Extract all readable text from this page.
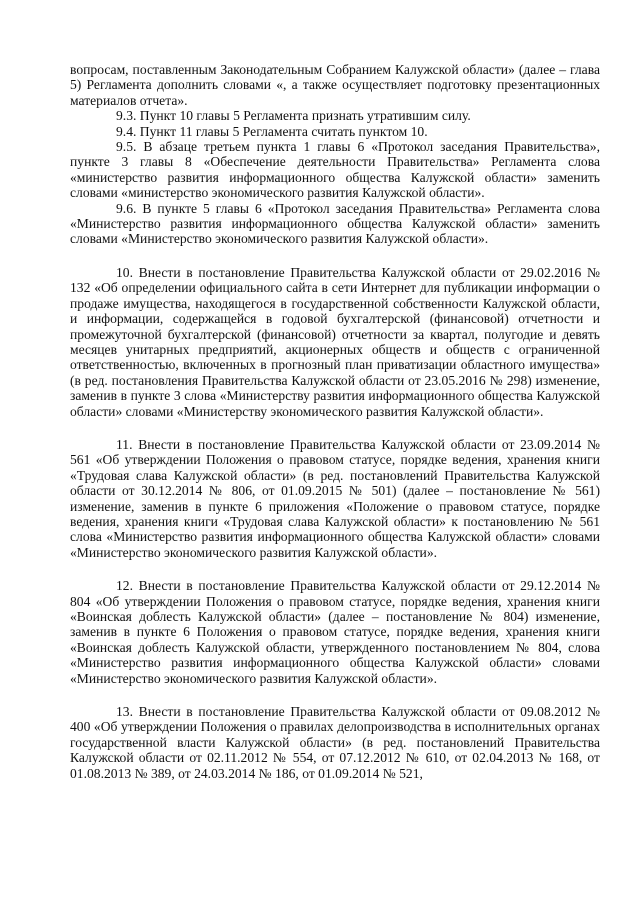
вопросам, поставленным Законодательным Собранием Калужской области» (далее – глава 5) Регламента дополнить словами «, а также осуществляет подготовку презентационных материалов отчета».

9.3. Пункт 10 главы 5 Регламента признать утратившим силу.

9.4. Пункт 11 главы 5 Регламента считать пунктом 10.

9.5. В абзаце третьем пункта 1 главы 6 «Протокол заседания Правительства», пункте 3 главы 8 «Обеспечение деятельности Правительства» Регламента слова «министерство развития информационного общества Калужской области» заменить словами «министерство экономического развития Калужской области».

9.6. В пункте 5 главы 6 «Протокол заседания Правительства» Регламента слова «Министерство развития информационного общества Калужской области» заменить словами «Министерство экономического развития Калужской области».

10. Внести в постановление Правительства Калужской области от 29.02.2016 № 132 «Об определении официального сайта в сети Интернет для публикации информации о продаже имущества, находящегося в государственной собственности Калужской области, и информации, содержащейся в годовой бухгалтерской (финансовой) отчетности и промежуточной бухгалтерской (финансовой) отчетности за квартал, полугодие и девять месяцев унитарных предприятий, акционерных обществ и обществ с ограниченной ответственностью, включенных в прогнозный план приватизации областного имущества» (в ред. постановления Правительства Калужской области от 23.05.2016 № 298) изменение, заменив в пункте 3 слова «Министерству развития информационного общества Калужской области» словами «Министерству экономического развития Калужской области».

11. Внести в постановление Правительства Калужской области от 23.09.2014 № 561 «Об утверждении Положения о правовом статусе, порядке ведения, хранения книги «Трудовая слава Калужской области» (в ред. постановлений Правительства Калужской области от 30.12.2014 № 806, от 01.09.2015 № 501) (далее – постановление № 561) изменение, заменив в пункте 6 приложения «Положение о правовом статусе, порядке ведения, хранения книги «Трудовая слава Калужской области» к постановлению № 561 слова «Министерство развития информационного общества Калужской области» словами «Министерство экономического развития Калужской области».

12. Внести в постановление Правительства Калужской области от 29.12.2014 № 804 «Об утверждении Положения о правовом статусе, порядке ведения, хранения книги «Воинская доблесть Калужской области» (далее – постановление № 804) изменение, заменив в пункте 6 Положения о правовом статусе, порядке ведения, хранения книги «Воинская доблесть Калужской области, утвержденного постановлением № 804, слова «Министерство развития информационного общества Калужской области» словами «Министерство экономического развития Калужской области».

13. Внести в постановление Правительства Калужской области от 09.08.2012 № 400 «Об утверждении Положения о правилах делопроизводства в исполнительных органах государственной власти Калужской области» (в ред. постановлений Правительства Калужской области от 02.11.2012 № 554, от 07.12.2012 № 610, от 02.04.2013 № 168, от 01.08.2013 № 389, от 24.03.2014 № 186, от 01.09.2014 № 521,
